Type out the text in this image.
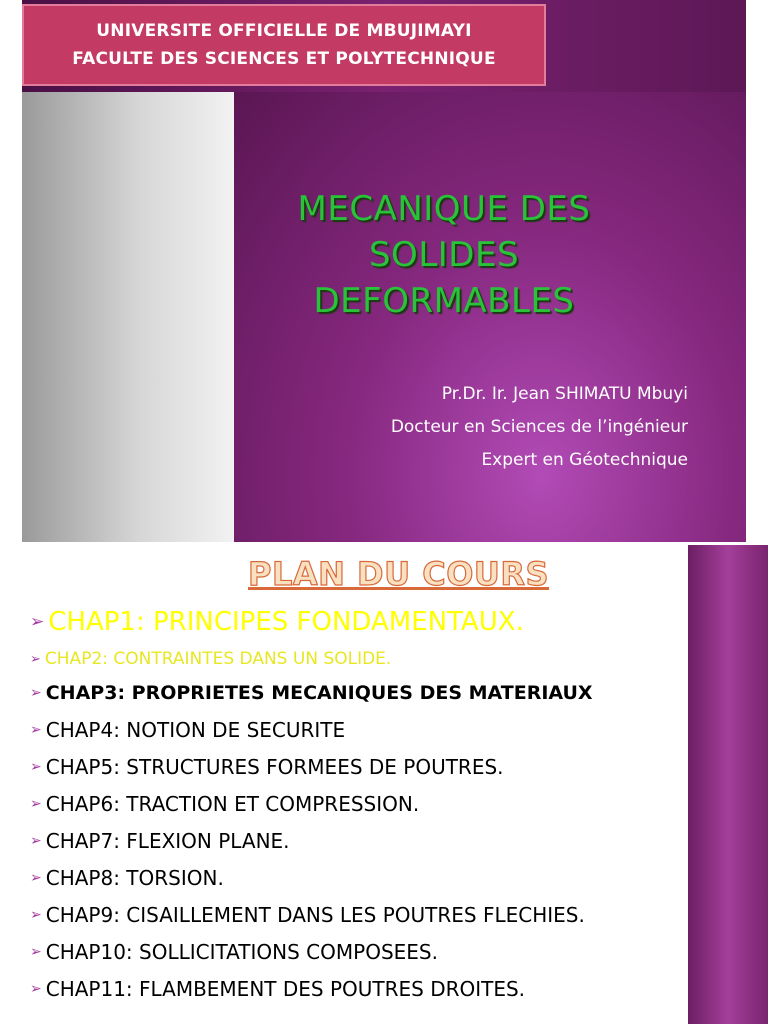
UNIVERSITE OFFICIELLE DE MBUJIMAYI
FACULTE DES SCIENCES ET POLYTECHNIQUE
MECANIQUE DES
SOLIDES
DEFORMABLES
Pr.Dr. Ir. Jean SHIMATU Mbuyi
Docteur en Sciences de l’ingénieur
Expert en Géotechnique
PLAN DU COURS
➢ CHAP1: PRINCIPES FONDAMENTAUX.
➢ CHAP2: CONTRAINTES DANS UN SOLIDE.
➢ CHAP3 : PROPRIETES MECANIQUES DES MATERIAUX
➢ CHAP4: NOTION DE SECURITE
➢ CHAP5: STRUCTURES FORMEES DE POUTRES.
➢ CHAP6: TRACTION ET COMPRESSION.
➢ CHAP7: FLEXION PLANE.
➢ CHAP8: TORSION.
➢ CHAP9: CISAILLEMENT DANS LES POUTRES FLECHIES.
➢ CHAP10: SOLLICITATIONS COMPOSEES.
➢ CHAP11: FLAMBEMENT DES POUTRES DROITES.
